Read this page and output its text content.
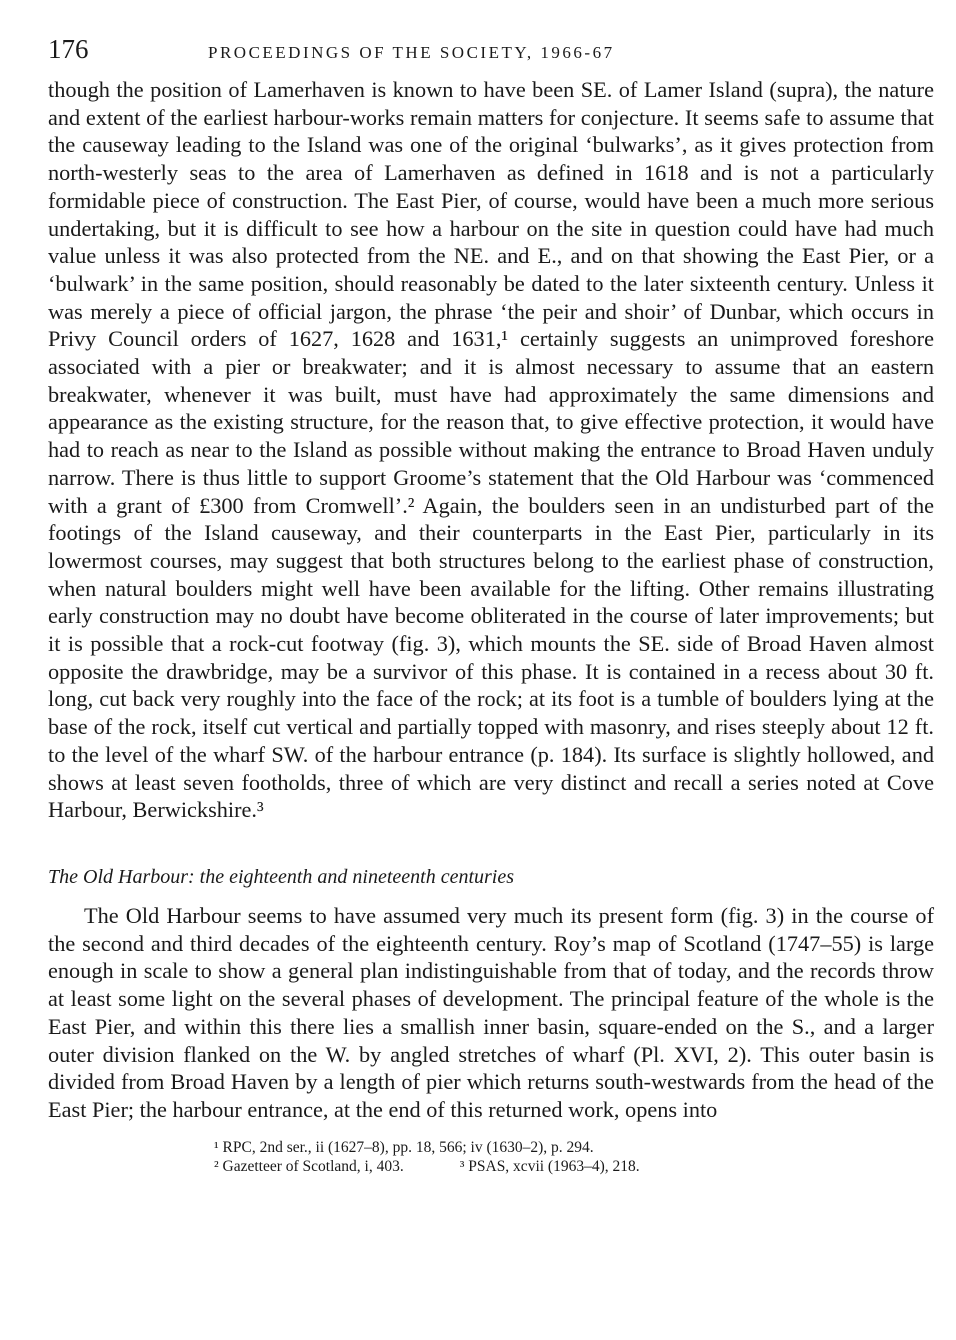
176	PROCEEDINGS OF THE SOCIETY, 1966-67

though the position of Lamerhaven is known to have been SE. of Lamer Island (supra), the nature and extent of the earliest harbour-works remain matters for conjecture. It seems safe to assume that the causeway leading to the Island was one of the original ‘bulwarks’, as it gives protection from north-westerly seas to the area of Lamerhaven as defined in 1618 and is not a particularly formidable piece of construction. The East Pier, of course, would have been a much more serious undertaking, but it is difficult to see how a harbour on the site in question could have had much value unless it was also protected from the NE. and E., and on that showing the East Pier, or a ‘bulwark’ in the same position, should reasonably be dated to the later sixteenth century. Unless it was merely a piece of official jargon, the phrase ‘the peir and shoir’ of Dunbar, which occurs in Privy Council orders of 1627, 1628 and 1631,¹ certainly suggests an unimproved foreshore associated with a pier or breakwater; and it is almost necessary to assume that an eastern breakwater, whenever it was built, must have had approximately the same dimensions and appearance as the existing structure, for the reason that, to give effective protection, it would have had to reach as near to the Island as possible without making the entrance to Broad Haven unduly narrow. There is thus little to support Groome’s statement that the Old Harbour was ‘commenced with a grant of £300 from Cromwell’.² Again, the boulders seen in an undisturbed part of the footings of the Island causeway, and their counterparts in the East Pier, particularly in its lowermost courses, may suggest that both structures belong to the earliest phase of construction, when natural boulders might well have been available for the lifting. Other remains illustrating early construction may no doubt have become obliterated in the course of later improvements; but it is possible that a rock-cut footway (fig. 3), which mounts the SE. side of Broad Haven almost opposite the drawbridge, may be a survivor of this phase. It is contained in a recess about 30 ft. long, cut back very roughly into the face of the rock; at its foot is a tumble of boulders lying at the base of the rock, itself cut vertical and partially topped with masonry, and rises steeply about 12 ft. to the level of the wharf SW. of the harbour entrance (p. 184). Its surface is slightly hollowed, and shows at least seven footholds, three of which are very distinct and recall a series noted at Cove Harbour, Berwickshire.³

The Old Harbour: the eighteenth and nineteenth centuries

The Old Harbour seems to have assumed very much its present form (fig. 3) in the course of the second and third decades of the eighteenth century. Roy’s map of Scotland (1747–55) is large enough in scale to show a general plan indistinguishable from that of today, and the records throw at least some light on the several phases of development. The principal feature of the whole is the East Pier, and within this there lies a smallish inner basin, square-ended on the S., and a larger outer division flanked on the W. by angled stretches of wharf (Pl. XVI, 2). This outer basin is divided from Broad Haven by a length of pier which returns south-westwards from the head of the East Pier; the harbour entrance, at the end of this returned work, opens into

¹ RPC, 2nd ser., ii (1627–8), pp. 18, 566; iv (1630–2), p. 294.
² Gazetteer of Scotland, i, 403.	³ PSAS, xcvii (1963–4), 218.
